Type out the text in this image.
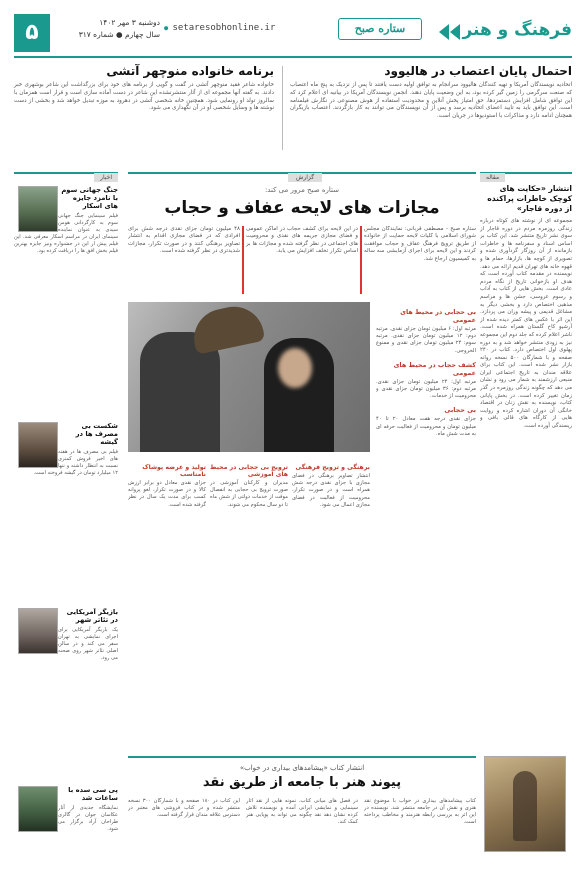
فرهنگ و هنر
ستاره صبح
● setaresobhonline.ir
دوشنبه ۳ مهر ۱۴۰۲
سال چهارم ● شماره ۳۱۷
۵
احتمال پایان اعتصاب در هالیوود
اتحادیه نویسندگان آمریکا و تهیه کنندگان هالیوود سرانجام به توافق اولیه دست یافتند تا پس از نزدیک به پنج ماه اعتصاب که صنعت سرگرمی را زمین گیر کرده بود، به این وضعیت پایان دهند. انجمن نویسندگان آمریکا در بیانیه ای اعلام کرد که این توافق شامل افزایش دستمزدها، حق امتیاز پخش آنلاین و محدودیت استفاده از هوش مصنوعی در نگارش فیلمنامه است. این توافق باید به تایید اعضای اتحادیه برسد و پس از آن نویسندگان می توانند به کار بازگردند. اعتصاب بازیگران همچنان ادامه دارد و مذاکرات با استودیوها در جریان است.
برنامه خانواده منوچهر آتشی
خانواده شاعر فقید منوچهر آتشی در گفت و گویی از برنامه های خود برای بزرگداشت این شاعر بوشهری خبر دادند. به گفته آنها مجموعه ای از آثار منتشرنشده این شاعر در دست آماده سازی است و قرار است همزمان با سالروز تولد او رونمایی شود. همچنین خانه شخصی آتشی در دهرود به موزه تبدیل خواهد شد و بخشی از دست نوشته ها و وسایل شخصی او در آن نگهداری می شود.
مقاله
انتشار «حکایت های کوچک خاطرات پراکنده از دوره قاجار»
مجموعه ای از نوشته های کوتاه درباره زندگی روزمره مردم در دوره قاجار از سوی نشر تاریخ منتشر شد. این کتاب بر اساس اسناد و سفرنامه ها و خاطرات بازمانده از آن روزگار گردآوری شده و تصویری از کوچه ها، بازارها، حمام ها و قهوه خانه های تهران قدیم ارائه می دهد. نویسنده در مقدمه کتاب آورده است که هدف او بازخوانی تاریخ از نگاه مردم عادی است. بخش هایی از کتاب به آداب و رسوم عروسی، جشن ها و مراسم مذهبی اختصاص دارد و بخشی دیگر به مشاغل قدیمی و پیشه وران می پردازد. این اثر با عکس های کمتر دیده شده از آرشیو کاخ گلستان همراه شده است. ناشر اعلام کرده که جلد دوم این مجموعه نیز به زودی منتشر خواهد شد و به دوره پهلوی اول اختصاص دارد. کتاب در ۲۴۰ صفحه و با شمارگان ۵۰۰ نسخه روانه بازار نشر شده است. این کتاب برای علاقه مندان به تاریخ اجتماعی ایران منبعی ارزشمند به شمار می رود و نشان می دهد که چگونه زندگی روزمره در گذر زمان تغییر کرده است. در بخش پایانی کتاب، نویسنده به نقش زنان در اقتصاد خانگی آن دوران اشاره کرده و روایت هایی از کارگاه های قالی بافی و ریسندگی آورده است.
گزارش
ستاره صبح مرور می کند:
مجازات های لایحه عفاف و حجاب
ستاره صبح - مصطفی قربانی: نمایندگان مجلس شورای اسلامی با کلیات لایحه حمایت از خانواده از طریق ترویج فرهنگ عفاف و حجاب موافقت کردند و این لایحه برای اجرای آزمایشی سه ساله به کمیسیون ارجاع شد.
در این لایحه برای کشف حجاب در اماکن عمومی و فضای مجازی جریمه های نقدی و محرومیت های اجتماعی در نظر گرفته شده و مجازات ها بر اساس تکرار تخلف افزایش می یابد.
۴۸ میلیون تومان جزای نقدی درجه شش برای افرادی که در فضای مجازی اقدام به انتشار تصاویر برهنگی کنند و در صورت تکرار، مجازات شدیدتری در نظر گرفته شده است.
بی حجابی در محیط های عمومی
مرتبه اول: ۶ میلیون تومان جزای نقدی. مرتبه دوم: ۱۲ میلیون تومان جزای نقدی. مرتبه سوم: ۲۴ میلیون تومان جزای نقدی و ممنوع الخروجی.
کشف حجاب در محیط های عمومی
مرتبه اول: ۲۴ میلیون تومان جزای نقدی. مرتبه دوم: ۳۶ میلیون تومان جزای نقدی و محرومیت از خدمات.
بی حجابی
جزای نقدی درجه هفت معادل ۲۰ تا ۴۰ میلیون تومان و محرومیت از فعالیت حرفه ای به مدت شش ماه.
برهنگی و ترویج فرهنگی
انتشار تصاویر برهنگی در فضای مجازی با جزای نقدی درجه شش همراه است و در صورت تکرار، محرومیت از فعالیت در فضای مجازی اعمال می شود.
ترویج بی حجابی در محیط های آموزشی
مدیران و کارکنان آموزشی در صورت ترویج بی حجابی به انفصال موقت از خدمات دولتی از شش ماه تا دو سال محکوم می شوند.
تولید و عرضه پوشاک نامناسب
جزای نقدی معادل دو برابر ارزش کالا و در صورت تکرار، لغو پروانه کسب برای مدت یک سال در نظر گرفته شده است.
اخبار
جنگ جهانی سوم با نامزد جایزه های اسکار
فیلم سینمایی جنگ جهانی سوم به کارگردانی هومن سیدی به عنوان نماینده سینمای ایران در مراسم اسکار معرفی شد. این فیلم پیش از این در جشنواره ونیز جایزه بهترین فیلم بخش افق ها را دریافت کرده بود.
شکست بی مصرف ها در گیشه
فیلم بی مصرف ها در هفته های اخیر فروش کمتری نسبت به انتظار داشته و تنها ۱۲ میلیارد تومان در گیشه فروخته است.
بازیگر آمریکایی در تئاتر شهر
یک بازیگر آمریکایی برای اجرای نمایشی به تهران سفر می کند و در سالن اصلی تئاتر شهر روی صحنه می رود.
پی سی سده با ساعات شد
نمایشگاه جدیدی از آثار عکاسان جوان در گالری طراحان آزاد برگزار می شود.
انتشار کتاب «پیشامدهای بیداری در خواب»
پیوند هنر با جامعه از طریق نقد
کتاب پیشامدهای بیداری در خواب با موضوع نقد هنری و نقش آن در جامعه منتشر شد. نویسنده در این اثر به بررسی رابطه هنرمند و مخاطب پرداخته است.
در فصل های میانی کتاب، نمونه هایی از نقد آثار سینمایی و نمایشی ایرانی آمده و نویسنده تلاش کرده نشان دهد نقد چگونه می تواند به پویایی هنر کمک کند.
این کتاب در ۱۸۰ صفحه و با شمارگان ۳۰۰ نسخه منتشر شده و در کتاب فروشی های معتبر در دسترس علاقه مندان قرار گرفته است.
